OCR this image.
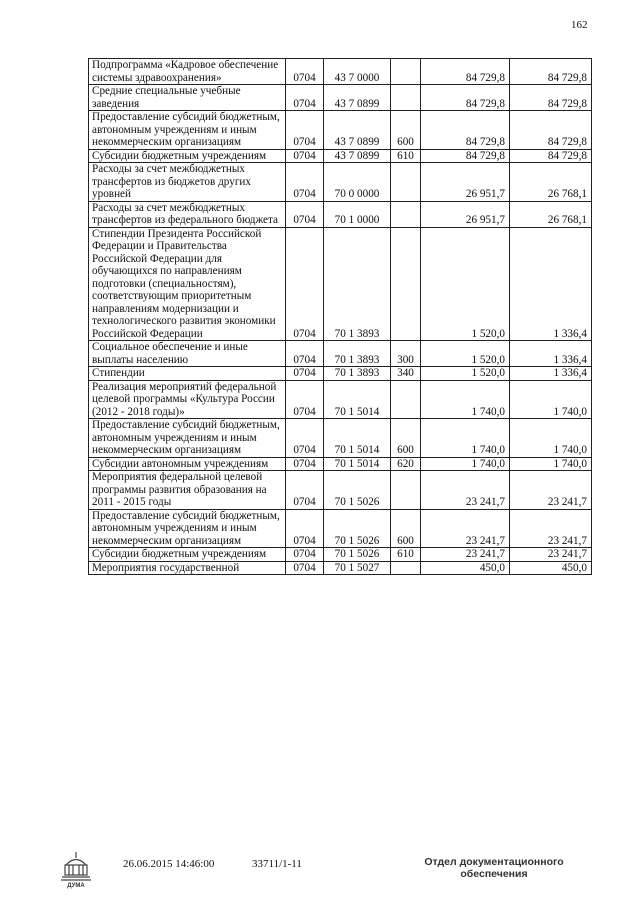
162
Подпрограмма «Кадровое обеспечение системы здравоохранения»	0704	43 7 0000		84 729,8	84 729,8
Средние специальные учебные заведения	0704	43 7 0899		84 729,8	84 729,8
Предоставление субсидий бюджетным, автономным учреждениям и иным некоммерческим организациям	0704	43 7 0899	600	84 729,8	84 729,8
Субсидии бюджетным учреждениям	0704	43 7 0899	610	84 729,8	84 729,8
Расходы за счет межбюджетных трансфертов из бюджетов других уровней	0704	70 0 0000		26 951,7	26 768,1
Расходы за счет межбюджетных трансфертов из федерального бюджета	0704	70 1 0000		26 951,7	26 768,1
Стипендии Президента Российской Федерации и Правительства Российской Федерации для обучающихся по направлениям подготовки (специальностям), соответствующим приоритетным направлениям модернизации и технологического развития экономики Российской Федерации	0704	70 1 3893		1 520,0	1 336,4
Социальное обеспечение и иные выплаты населению	0704	70 1 3893	300	1 520,0	1 336,4
Стипендии	0704	70 1 3893	340	1 520,0	1 336,4
Реализация мероприятий федеральной целевой программы «Культура России (2012 - 2018 годы)»	0704	70 1 5014		1 740,0	1 740,0
Предоставление субсидий бюджетным, автономным учреждениям и иным некоммерческим организациям	0704	70 1 5014	600	1 740,0	1 740,0
Субсидии автономным учреждениям	0704	70 1 5014	620	1 740,0	1 740,0
Мероприятия федеральной целевой программы развития образования на 2011 - 2015 годы	0704	70 1 5026		23 241,7	23 241,7
Предоставление субсидий бюджетным, автономным учреждениям и иным некоммерческим организациям	0704	70 1 5026	600	23 241,7	23 241,7
Субсидии бюджетным учреждениям	0704	70 1 5026	610	23 241,7	23 241,7
Мероприятия государственной	0704	70 1 5027		450,0	450,0
ДУМА
26.06.2015 14:46:00	33711/1-11	Отдел документационного
обеспечения
